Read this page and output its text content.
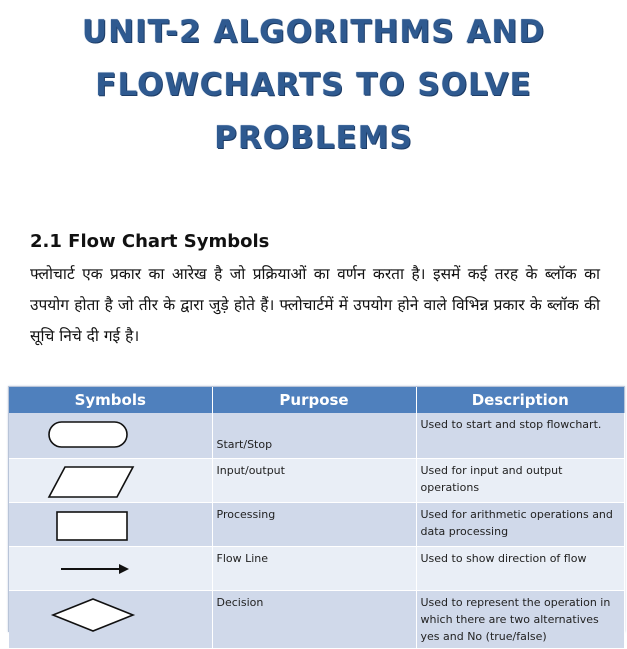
UNIT-2 ALGORITHMS AND
FLOWCHARTS TO SOLVE
PROBLEMS
2.1 Flow Chart Symbols

फ्लोचार्ट एक प्रकार का आरेख है जो प्रक्रियाओं का वर्णन करता है। इसमें कई तरह के ब्लॉक का उपयोग होता है जो तीर के द्वारा जुड़े होते हैं। फ्लोचार्टमें में उपयोग होने वाले विभिन्न प्रकार के ब्लॉक की सूचि निचे दी गई है।

Symbols	Purpose	Description

	Start/Stop	Used to start and stop flowchart.

	Input/output	Used for input and output operations

	Processing	Used for arithmetic operations and data processing

	Flow Line	Used to show direction of flow

	Decision	Used to represent the operation in which there are two alternatives yes and No (true/false)
